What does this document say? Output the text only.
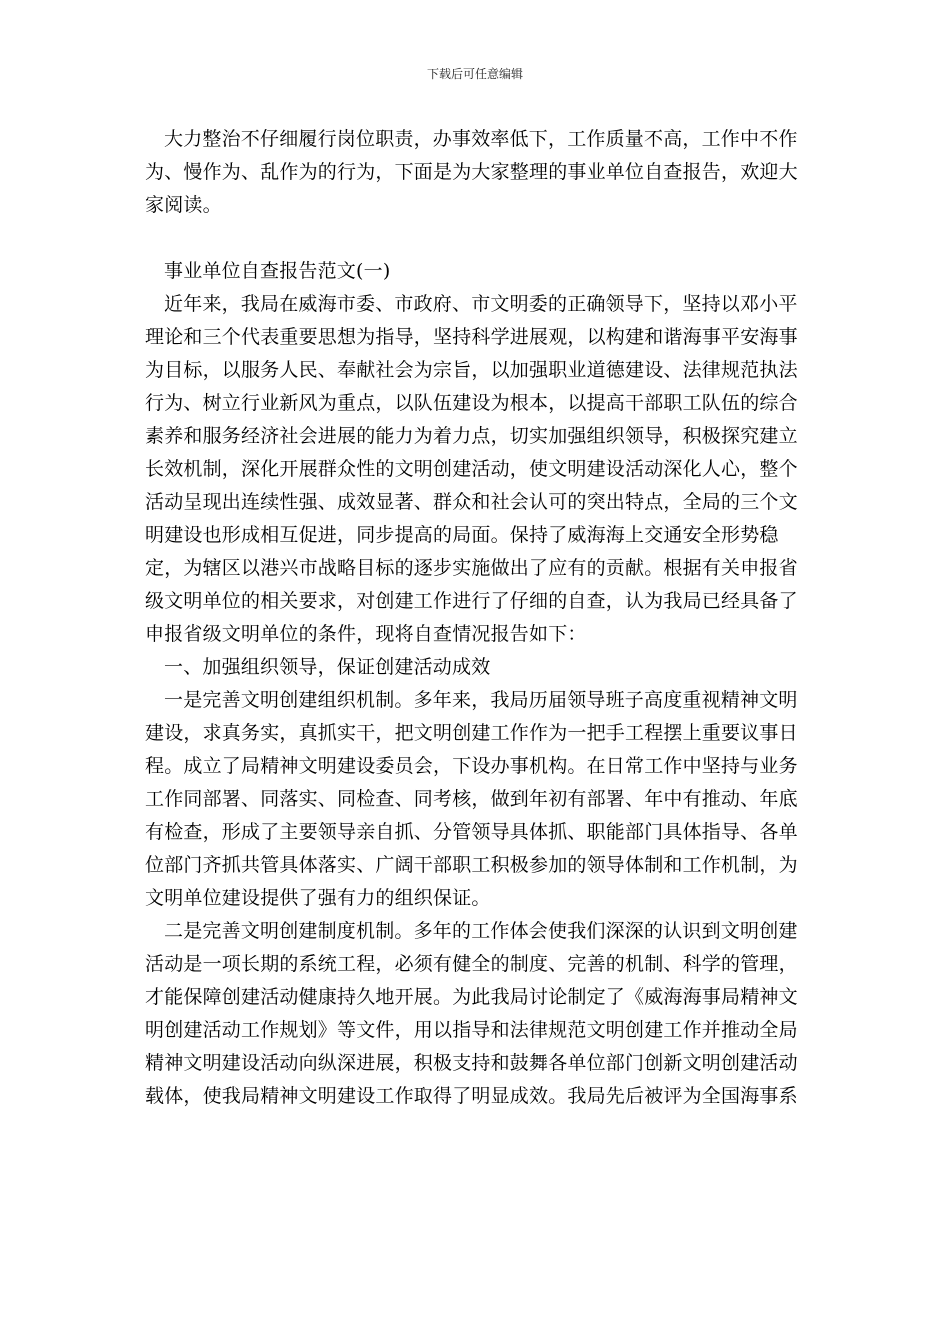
下载后可任意编辑

大力整治不仔细履行岗位职责，办事效率低下，工作质量不高，工作中不作为、慢作为、乱作为的行为，下面是为大家整理的事业单位自查报告，欢迎大家阅读。

事业单位自查报告范文(一)

近年来，我局在威海市委、市政府、市文明委的正确领导下，坚持以邓小平理论和三个代表重要思想为指导，坚持科学进展观，以构建和谐海事平安海事为目标，以服务人民、奉献社会为宗旨，以加强职业道德建设、法律规范执法行为、树立行业新风为重点，以队伍建设为根本，以提高干部职工队伍的综合素养和服务经济社会进展的能力为着力点，切实加强组织领导，积极探究建立长效机制，深化开展群众性的文明创建活动，使文明建设活动深化人心，整个活动呈现出连续性强、成效显著、群众和社会认可的突出特点，全局的三个文明建设也形成相互促进，同步提高的局面。保持了威海海上交通安全形势稳定，为辖区以港兴市战略目标的逐步实施做出了应有的贡献。根据有关申报省级文明单位的相关要求，对创建工作进行了仔细的自查，认为我局已经具备了申报省级文明单位的条件，现将自查情况报告如下：

一、加强组织领导，保证创建活动成效

一是完善文明创建组织机制。多年来，我局历届领导班子高度重视精神文明建设，求真务实，真抓实干，把文明创建工作作为一把手工程摆上重要议事日程。成立了局精神文明建设委员会，下设办事机构。在日常工作中坚持与业务工作同部署、同落实、同检查、同考核，做到年初有部署、年中有推动、年底有检查，形成了主要领导亲自抓、分管领导具体抓、职能部门具体指导、各单位部门齐抓共管具体落实、广阔干部职工积极参加的领导体制和工作机制，为文明单位建设提供了强有力的组织保证。

二是完善文明创建制度机制。多年的工作体会使我们深深的认识到文明创建活动是一项长期的系统工程，必须有健全的制度、完善的机制、科学的管理，才能保障创建活动健康持久地开展。为此我局讨论制定了《威海海事局精神文明创建活动工作规划》等文件，用以指导和法律规范文明创建工作并推动全局精神文明建设活动向纵深进展，积极支持和鼓舞各单位部门创新文明创建活动载体，使我局精神文明建设工作取得了明显成效。我局先后被评为全国海事系
